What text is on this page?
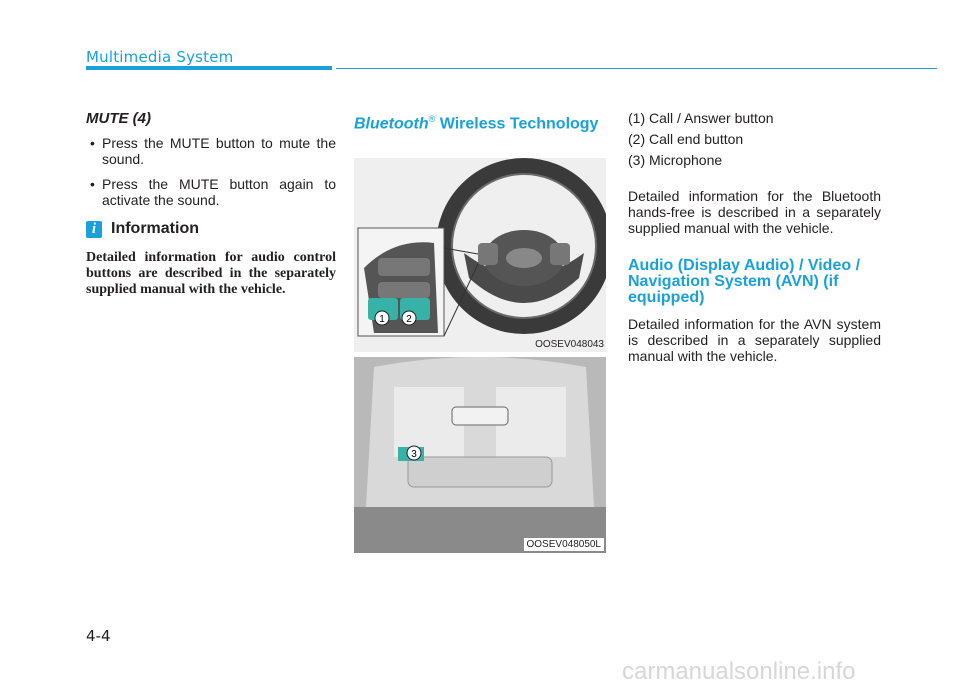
Multimedia System
MUTE (4)
• Press the MUTE button to mute the sound.
• Press the MUTE button again to activate the sound.
i Information
Detailed information for audio control buttons are described in the separately supplied manual with the vehicle.
Bluetooth® Wireless Technology
1 2
OOSEV048043
3
OOSEV048050L
(1) Call / Answer button
(2) Call end button
(3) Microphone
Detailed information for the Bluetooth hands-free is described in a separately supplied manual with the vehicle.
Audio (Display Audio) / Video / Navigation System (AVN) (if equipped)
Detailed information for the AVN system is described in a separately supplied manual with the vehicle.
4-4
carmanualsonline.info
